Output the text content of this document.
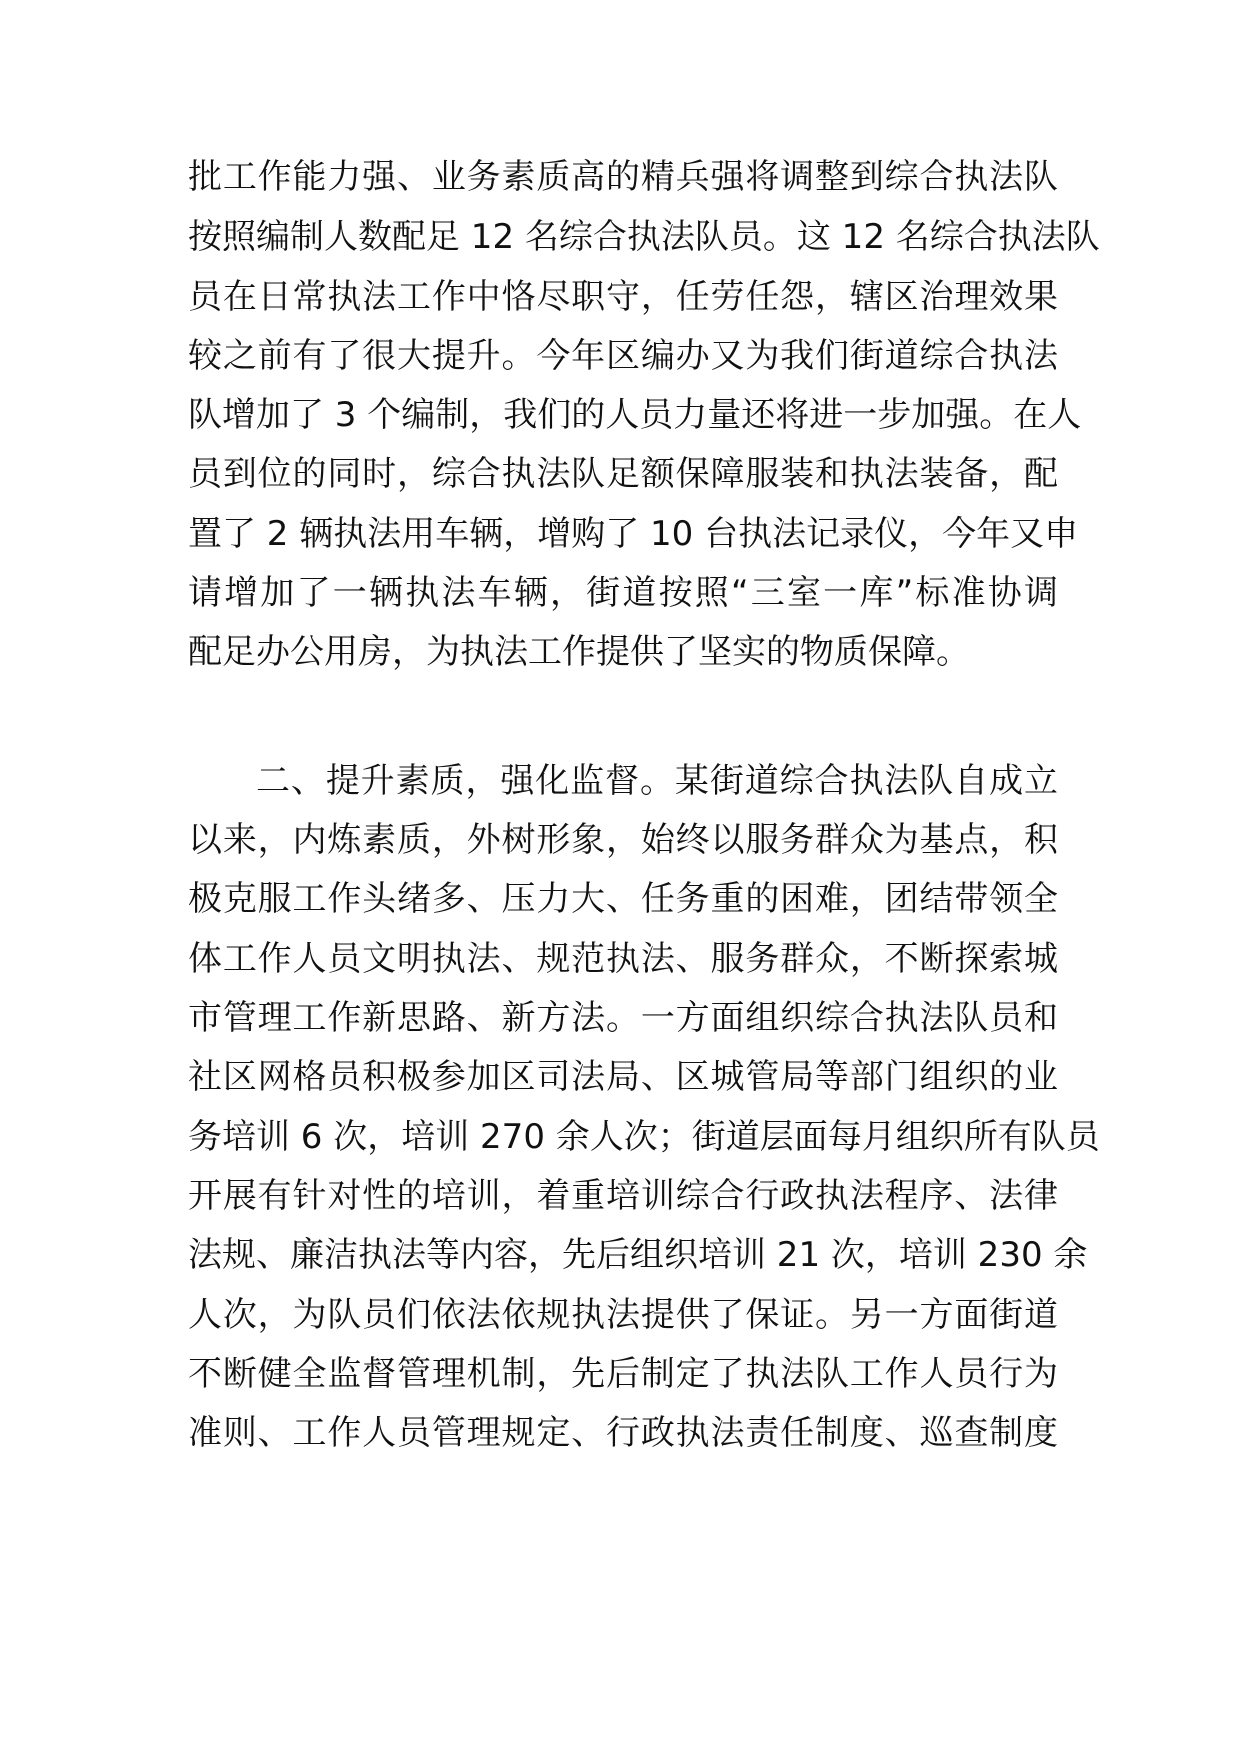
批工作能力强、业务素质高的精兵强将调整到综合执法队
按照编制人数配足 12 名综合执法队员。这 12 名综合执法队
员在日常执法工作中恪尽职守，任劳任怨，辖区治理效果
较之前有了很大提升。今年区编办又为我们街道综合执法
队增加了 3 个编制，我们的人员力量还将进一步加强。在人
员到位的同时，综合执法队足额保障服装和执法装备，配
置了 2 辆执法用车辆，增购了 10 台执法记录仪，今年又申
请增加了一辆执法车辆，街道按照“三室一库”标准协调
配足办公用房，为执法工作提供了坚实的物质保障。
二、提升素质，强化监督。某街道综合执法队自成立
以来，内炼素质，外树形象，始终以服务群众为基点，积
极克服工作头绪多、压力大、任务重的困难，团结带领全
体工作人员文明执法、规范执法、服务群众，不断探索城
市管理工作新思路、新方法。一方面组织综合执法队员和
社区网格员积极参加区司法局、区城管局等部门组织的业
务培训 6 次，培训 270 余人次；街道层面每月组织所有队员
开展有针对性的培训，着重培训综合行政执法程序、法律
法规、廉洁执法等内容，先后组织培训 21 次，培训 230 余
人次，为队员们依法依规执法提供了保证。另一方面街道
不断健全监督管理机制，先后制定了执法队工作人员行为
准则、工作人员管理规定、行政执法责任制度、巡查制度
